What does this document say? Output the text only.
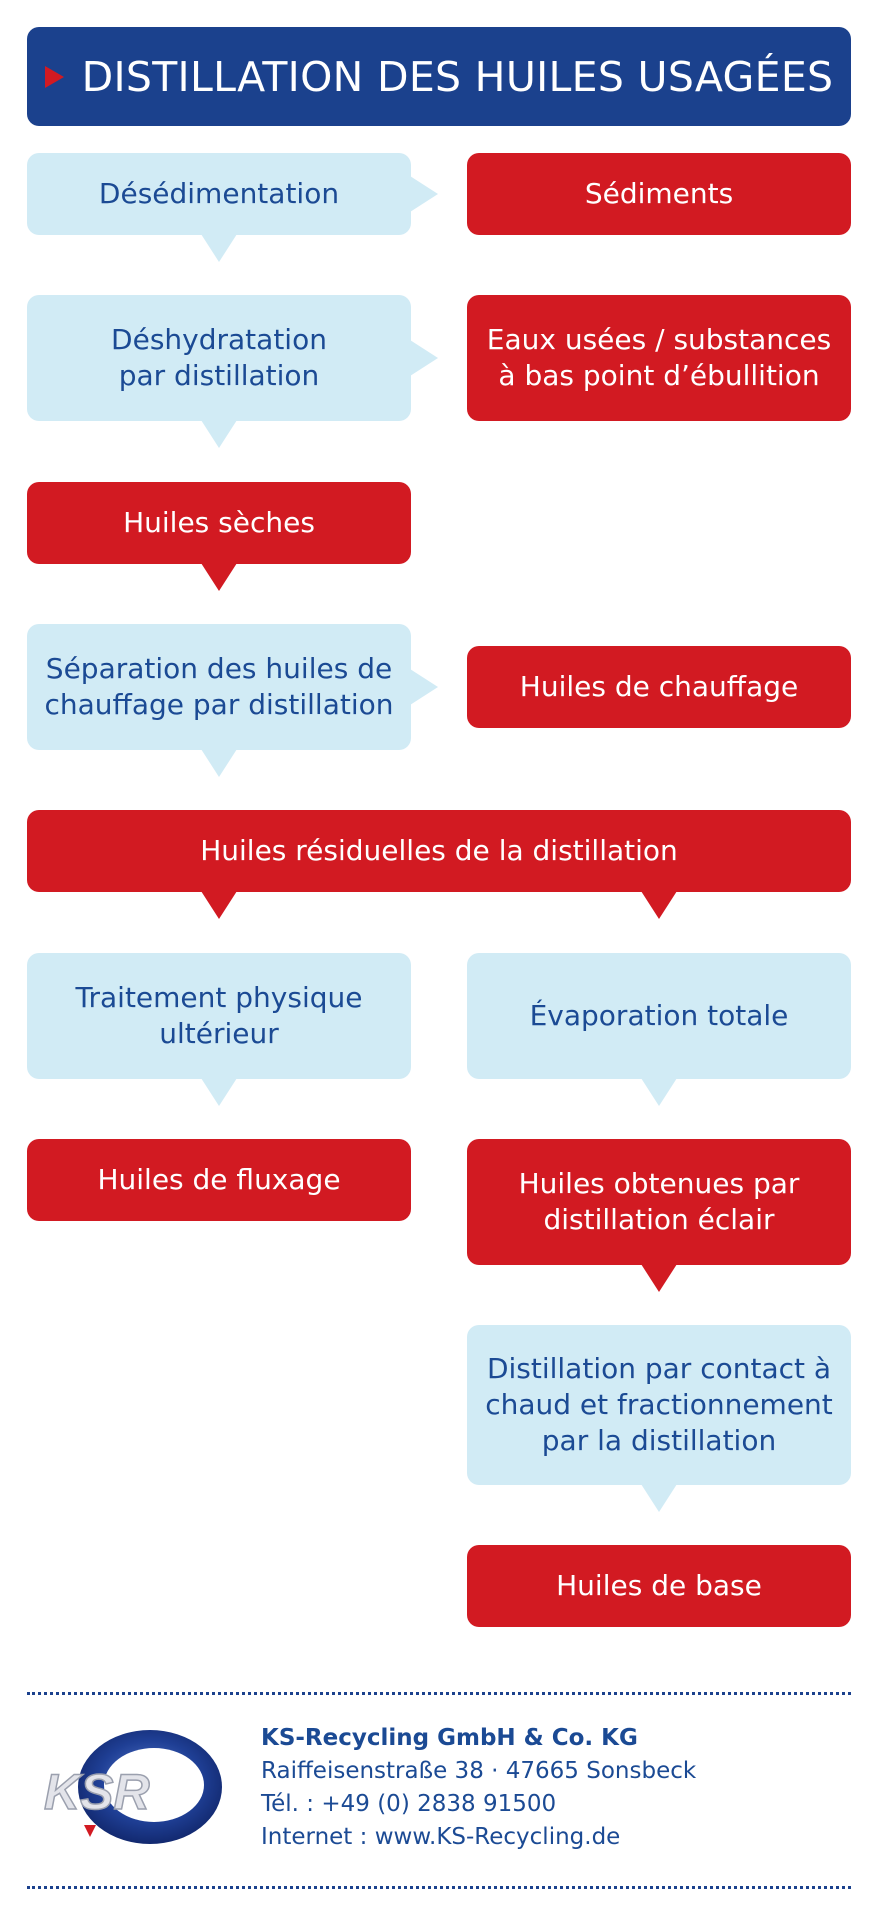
DISTILLATION DES HUILES USAGÉES
Désédimentation	Sédiments
Déshydratation
par distillation
Eaux usées / substances
à bas point d’ébullition
Huiles sèches
Séparation des huiles de
chauffage par distillation
Huiles de chauffage
Huiles résiduelles de la distillation
Traitement physique
ultérieur
Évaporation totale
Huiles de fluxage	Huiles obtenues par
distillation éclair
Distillation par contact à
chaud et fractionnement
par la distillation
Huiles de base
KSR
KS-Recycling GmbH & Co. KG
Raiffeisenstraße 38 · 47665 Sonsbeck
Tél. : +49 (0) 2838 91500
Internet : www.KS-Recycling.de
